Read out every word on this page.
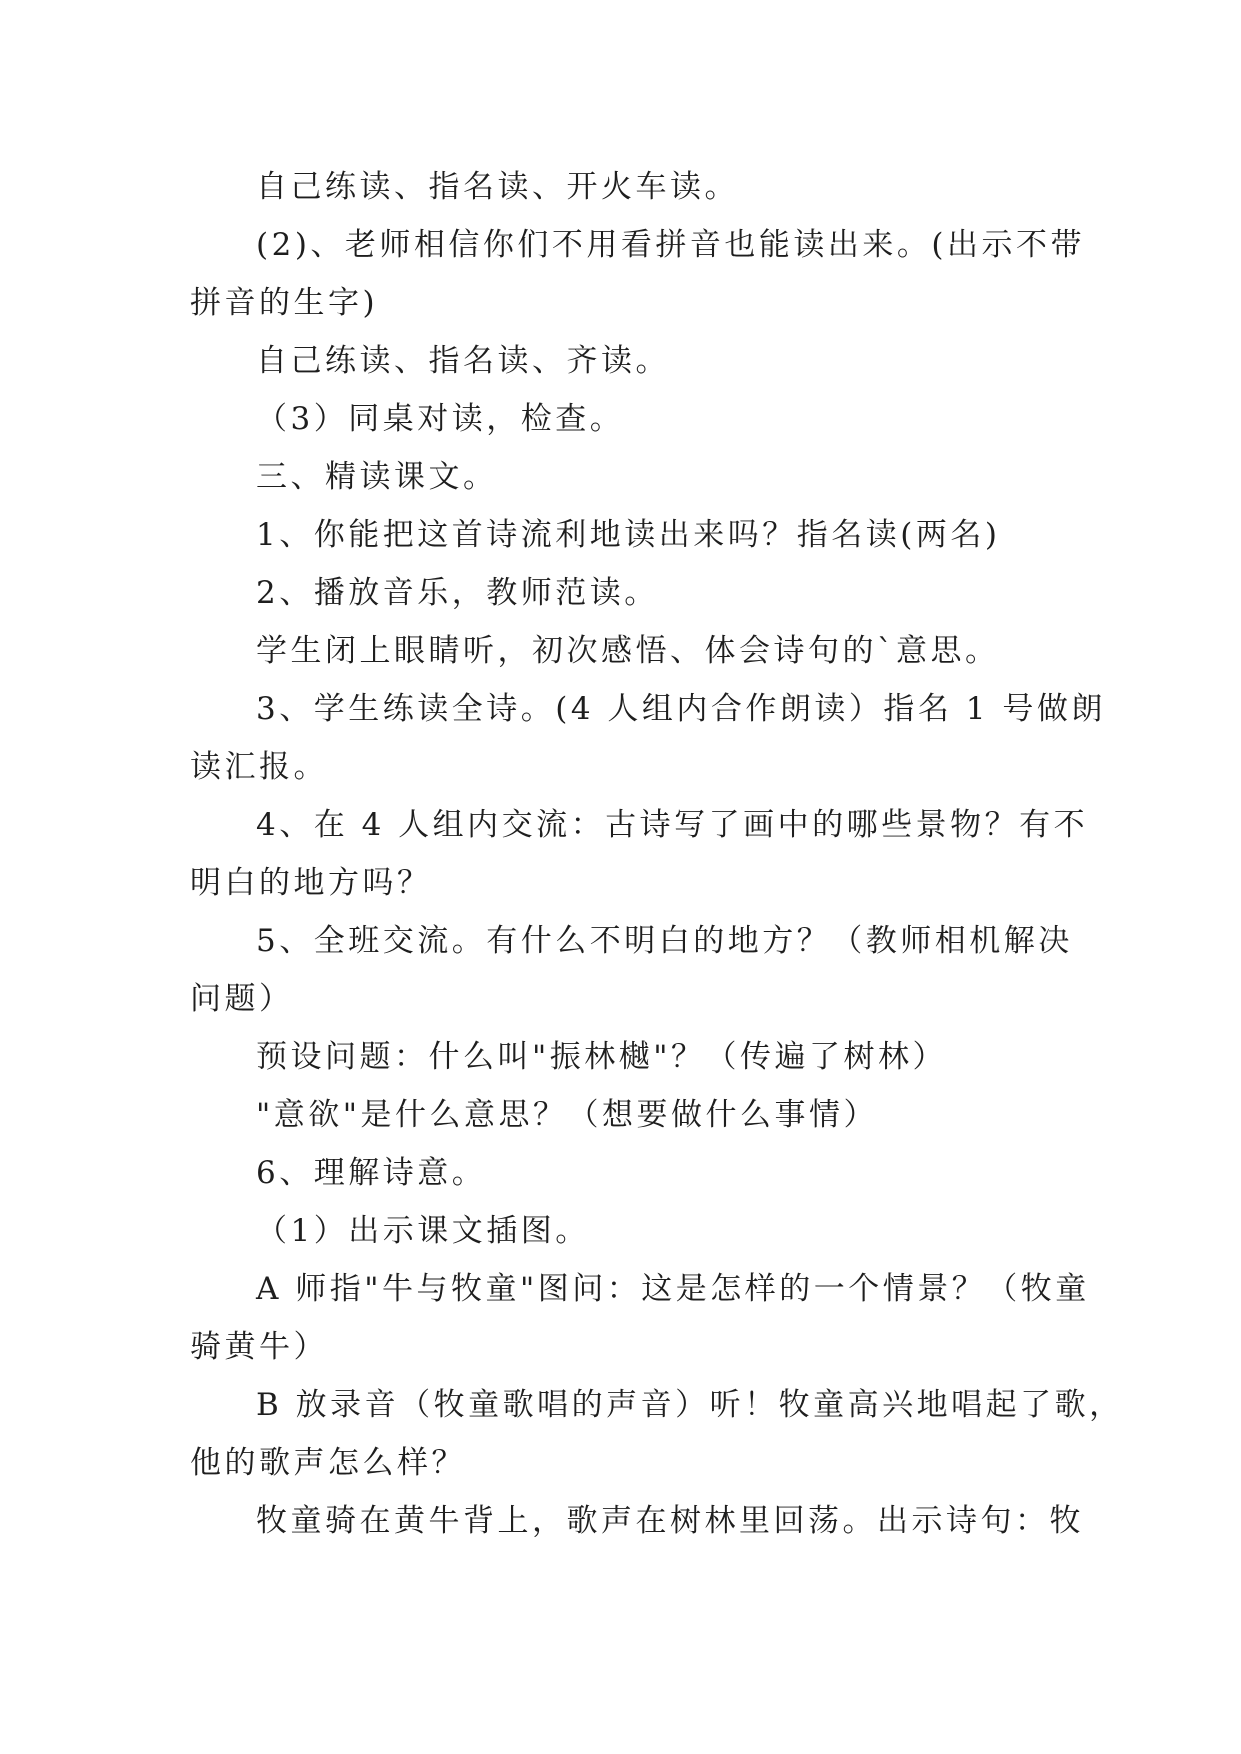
自己练读、指名读、开火车读。

(2)、老师相信你们不用看拼音也能读出来。(出示不带

拼音的生字)

自己练读、指名读、齐读。

（3）同桌对读，检查。

三、精读课文。

1、你能把这首诗流利地读出来吗？指名读(两名)

2、播放音乐，教师范读。

学生闭上眼睛听，初次感悟、体会诗句的`意思。

3、学生练读全诗。(4 人组内合作朗读）指名 1 号做朗

读汇报。

4、在 4 人组内交流：古诗写了画中的哪些景物？有不

明白的地方吗？

5、全班交流。有什么不明白的地方？（教师相机解决

问题）

预设问题：什么叫"振林樾"？（传遍了树林）

"意欲"是什么意思？（想要做什么事情）

6、理解诗意。

（1）出示课文插图。

A 师指"牛与牧童"图问：这是怎样的一个情景？（牧童

骑黄牛）

B 放录音（牧童歌唱的声音）听！牧童高兴地唱起了歌，

他的歌声怎么样？

牧童骑在黄牛背上，歌声在树林里回荡。出示诗句：牧
